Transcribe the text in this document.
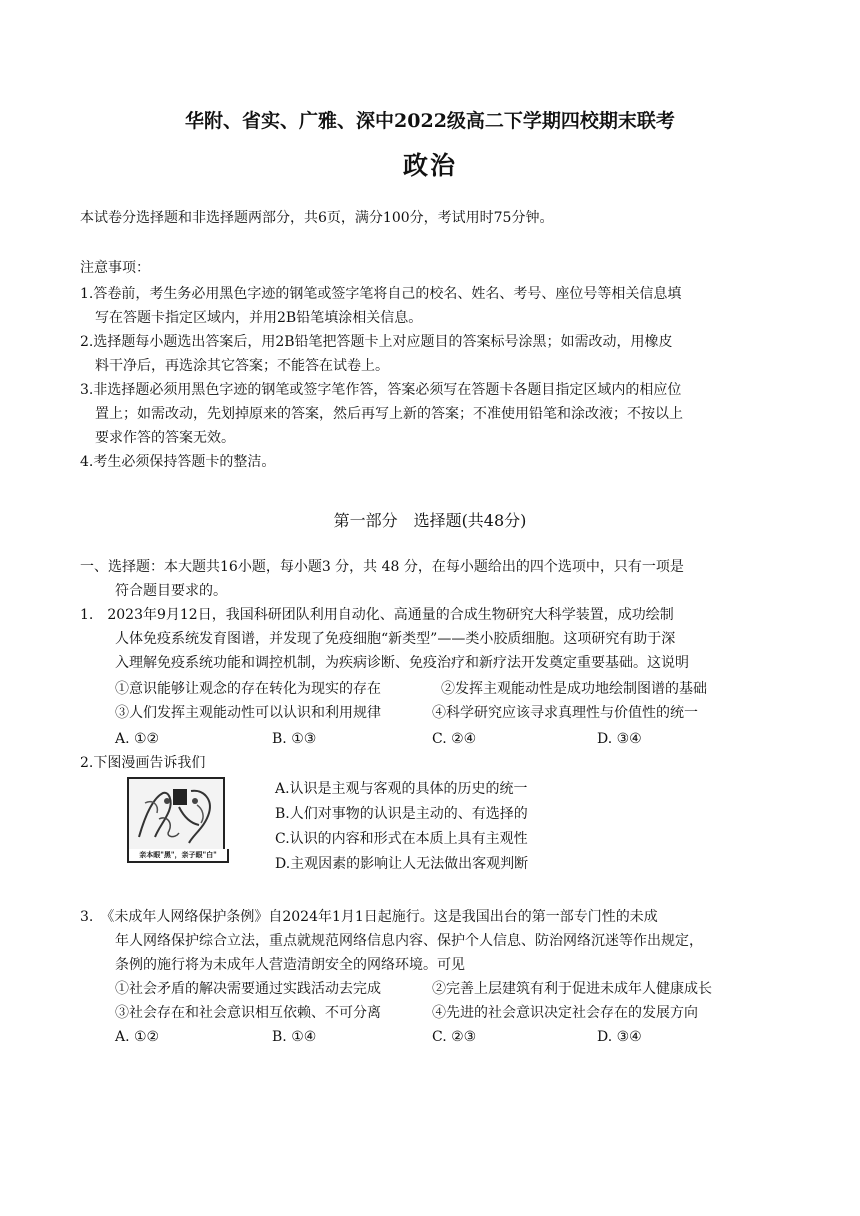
华附、省实、广雅、深中2022级高二下学期四校期末联考
政治
本试卷分选择题和非选择题两部分，共6页，满分100分，考试用时75分钟。
注意事项：
1.答卷前，考生务必用黑色字迹的钢笔或签字笔将自己的校名、姓名、考号、座位号等相关信息填
写在答题卡指定区域内，并用2B铅笔填涂相关信息。
2.选择题每小题选出答案后，用2B铅笔把答题卡上对应题目的答案标号涂黑；如需改动，用橡皮
料干净后，再选涂其它答案；不能答在试卷上。
3.非选择题必须用黑色字迹的钢笔或签字笔作答，答案必须写在答题卡各题目指定区域内的相应位
置上；如需改动，先划掉原来的答案，然后再写上新的答案；不准使用铅笔和涂改液；不按以上
要求作答的答案无效。
4.考生必须保持答题卡的整洁。
第一部分　选择题(共48分)
一、选择题：本大题共16小题，每小题3 分，共 48 分，在每小题给出的四个选项中，只有一项是
符合题目要求的。
1.　2023年9月12日，我国科研团队利用自动化、高通量的合成生物研究大科学装置，成功绘制
人体免疫系统发育图谱，并发现了免疫细胞“新类型”——类小胶质细胞。这项研究有助于深
入理解免疫系统功能和调控机制，为疾病诊断、免疫治疗和新疗法开发奠定重要基础。这说明
①意识能够让观念的存在转化为现实的存在	②发挥主观能动性是成功地绘制图谱的基础
③人们发挥主观能动性可以认识和利用规律	④科学研究应该寻求真理性与价值性的统一
A. ①②	B. ①③	C. ②④	D. ③④
2.下图漫画告诉我们
亲本眼"黑"，亲子眼"白"
A.认识是主观与客观的具体的历史的统一
B.人们对事物的认识是主动的、有选择的
C.认识的内容和形式在本质上具有主观性
D.主观因素的影响让人无法做出客观判断
3.　《未成年人网络保护条例》自2024年1月1日起施行。这是我国出台的第一部专门性的未成
年人网络保护综合立法，重点就规范网络信息内容、保护个人信息、防治网络沉迷等作出规定，
条例的施行将为未成年人营造清朗安全的网络环境。可见
①社会矛盾的解决需要通过实践活动去完成	②完善上层建筑有利于促进未成年人健康成长
③社会存在和社会意识相互依赖、不可分离	④先进的社会意识决定社会存在的发展方向
A. ①②	B. ①④	C. ②③	D. ③④
